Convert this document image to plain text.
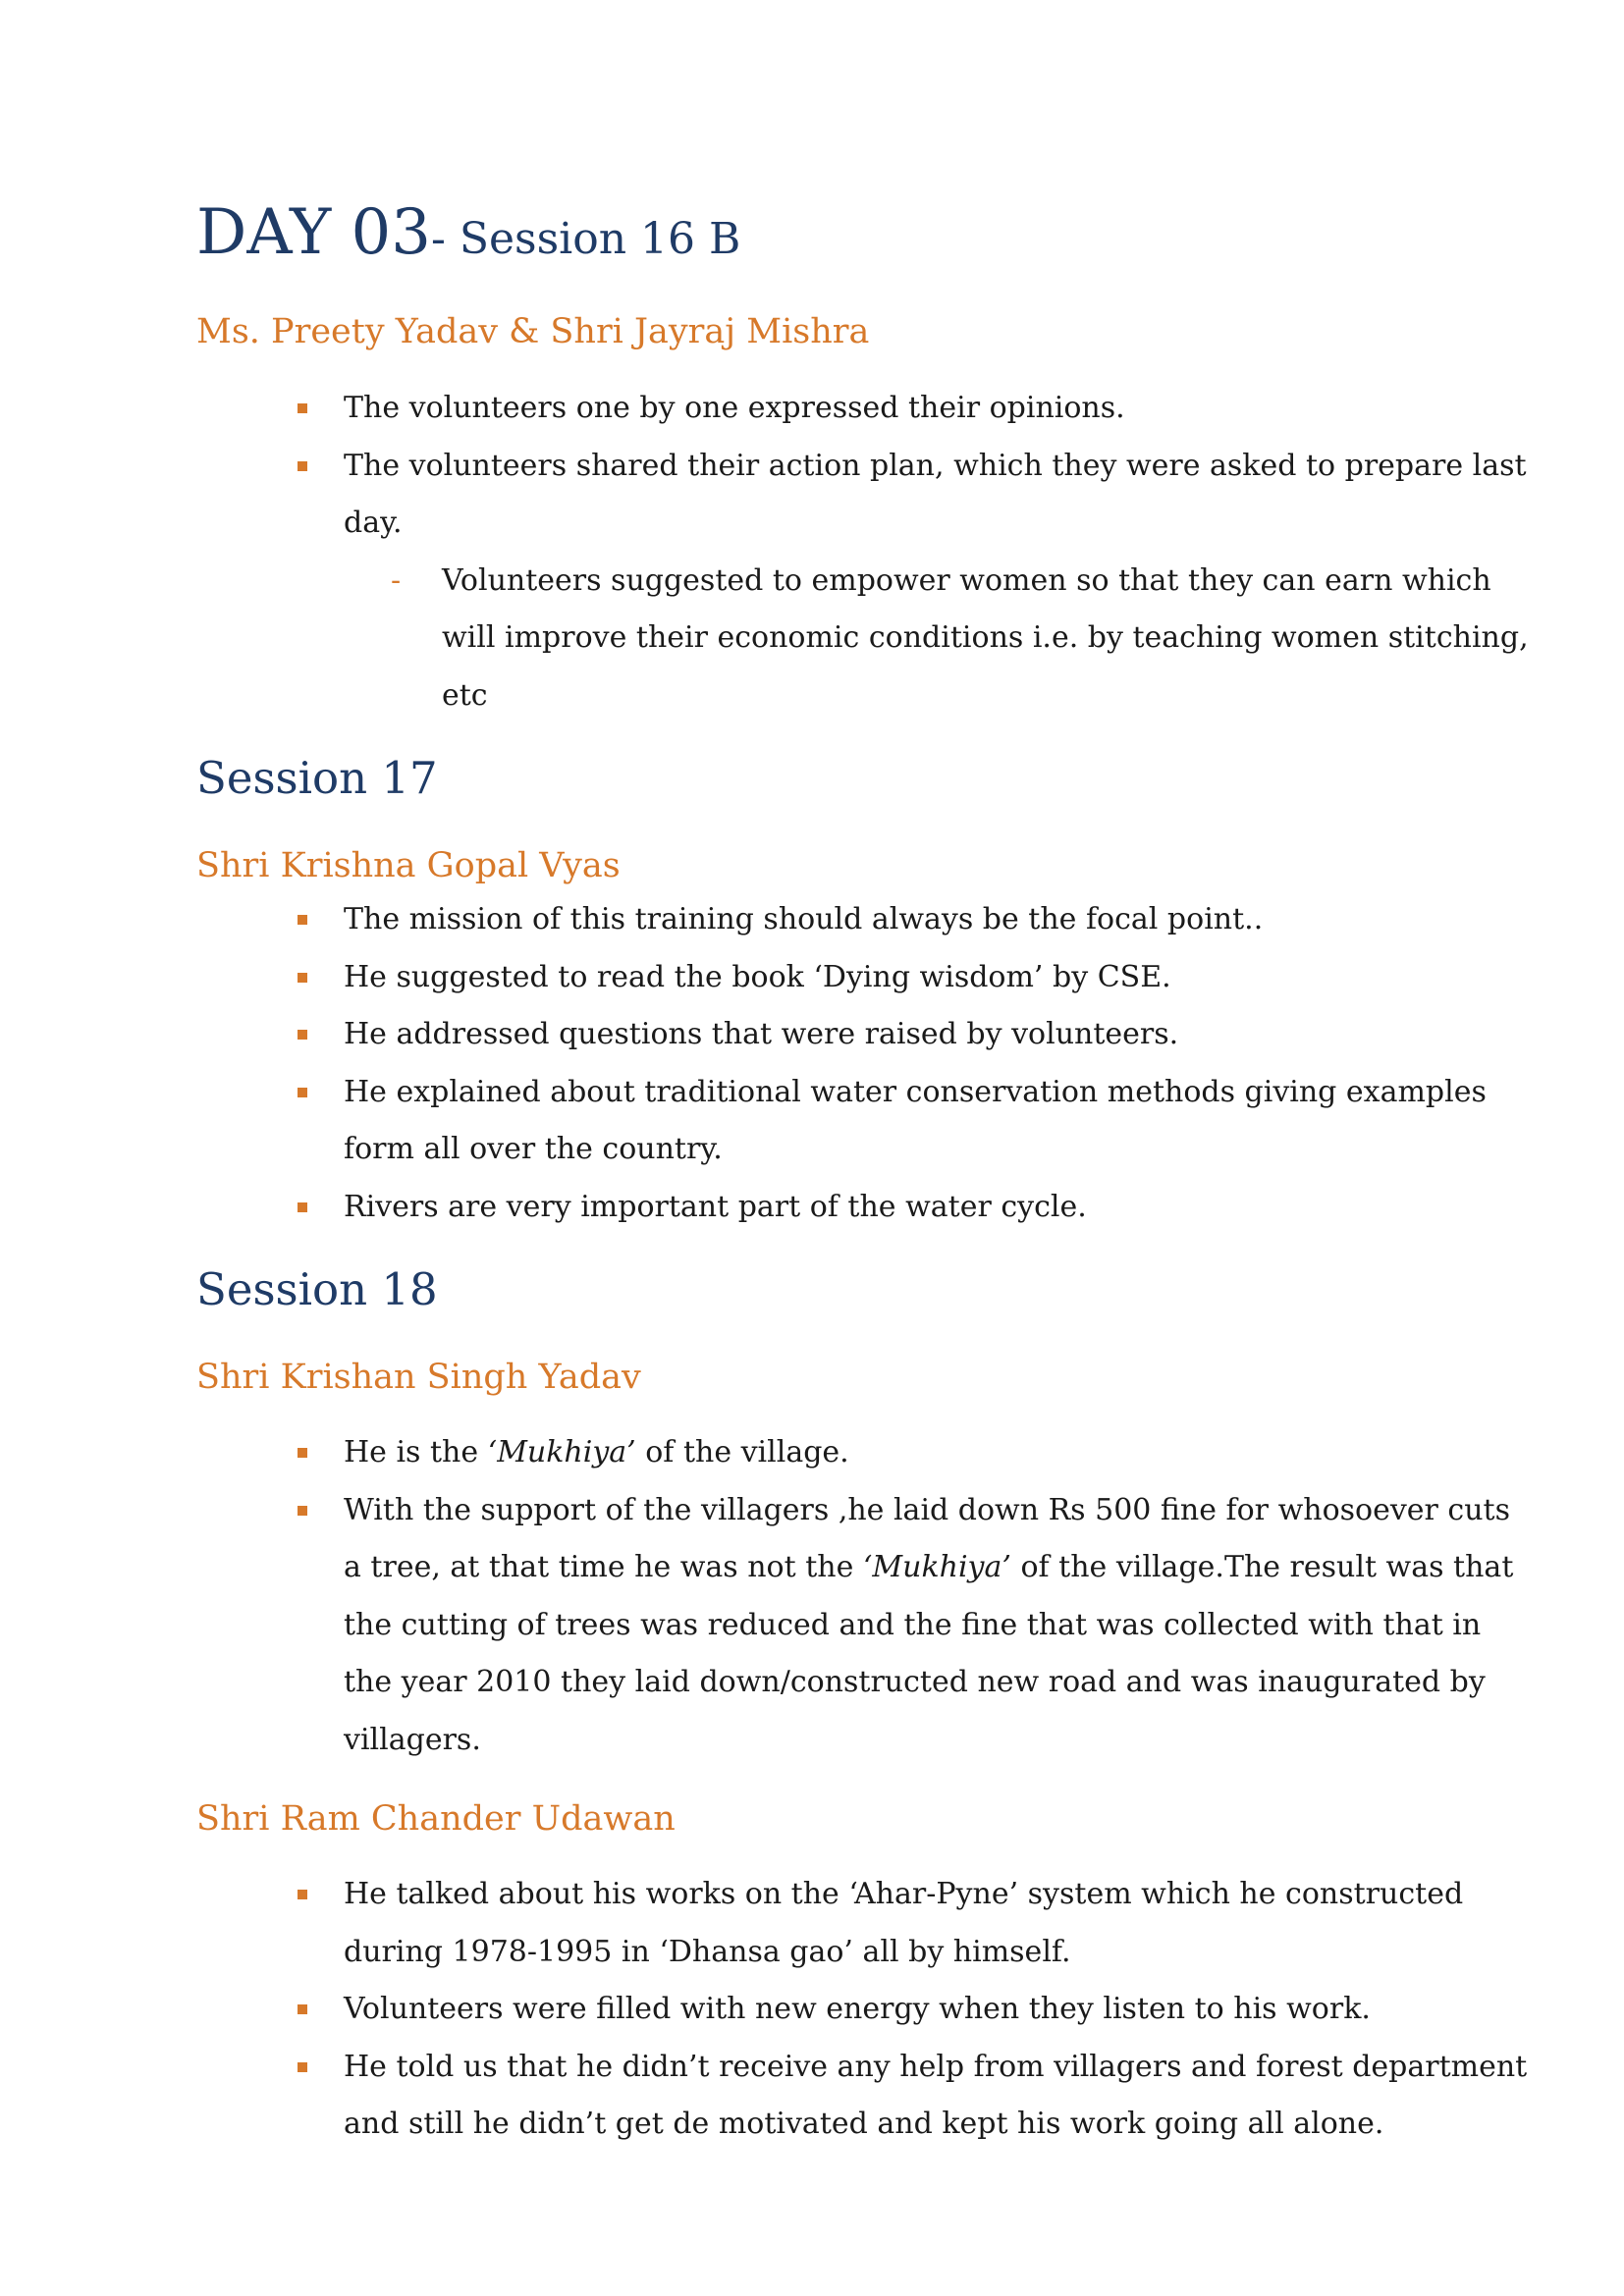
DAY 03- Session 16 B
Ms. Preety Yadav & Shri Jayraj Mishra
The volunteers one by one expressed their opinions.
The volunteers shared their action plan, which they were asked to prepare last day.
- Volunteers suggested to empower women so that they can earn which will improve their economic conditions i.e. by teaching women stitching, etc
Session 17
Shri Krishna Gopal Vyas
The mission of this training should always be the focal point..
He suggested to read the book ‘Dying wisdom’ by CSE.
He addressed questions that were raised by volunteers.
He explained about traditional water conservation methods giving examples form all over the country.
Rivers are very important part of the water cycle.
Session 18
Shri Krishan Singh Yadav
He is the ‘Mukhiya’ of the village.
With the support of the villagers ,he laid down Rs 500 fine for whosoever cuts a tree, at that time he was not the ‘Mukhiya’ of the village.The result was that the cutting of trees was reduced and the fine that was collected with that in the year 2010 they laid down/constructed new road and was inaugurated by villagers.
Shri Ram Chander Udawan
He talked about his works on the ‘Ahar-Pyne’ system which he constructed during 1978-1995 in ‘Dhansa gao’ all by himself.
Volunteers were filled with new energy when they listen to his work.
He told us that he didn’t receive any help from villagers and forest department and still he didn’t get de motivated and kept his work going all alone.
